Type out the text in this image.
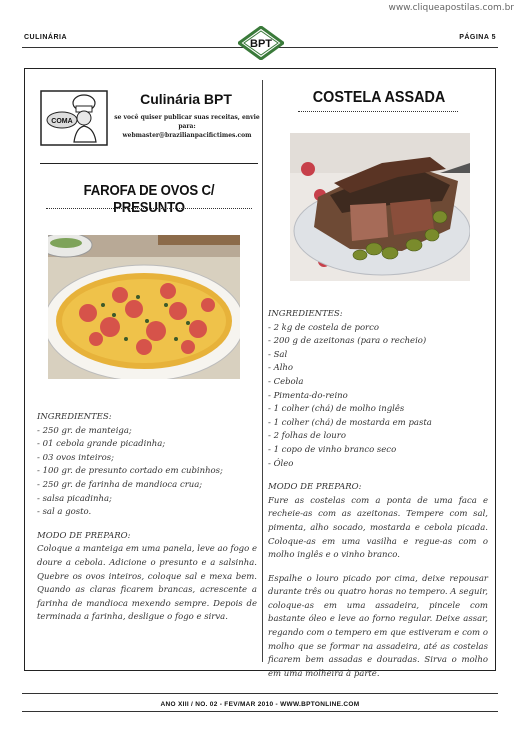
www.cliqueapostilas.com.br
CULINÁRIA	PÁGINA 5
BPT
COMA
Culinária BPT
se você quiser publicar suas receitas, envie para:
webmaster@brazilianpacifictimes.com
FAROFA DE OVOS C/ PRESUNTO
INGREDIENTES:
- 250 gr. de manteiga;
- 01 cebola grande picadinha;
- 03 ovos inteiros;
- 100 gr. de presunto cortado em cubinhos;
- 250 gr. de farinha de mandioca crua;
- salsa picadinha;
- sal a gosto.
MODO DE PREPARO:
Coloque a manteiga em uma panela, leve ao fogo e doure a cebola. Adicione o presunto e a salsinha. Quebre os ovos inteiros, coloque sal e mexa bem. Quando as claras ficarem brancas, acrescente a farinha de mandioca mexendo sempre. Depois de terminada a farinha, desligue o fogo e sirva.
COSTELA ASSADA
INGREDIENTES:
- 2 kg de costela de porco
- 200 g de azeitonas (para o recheio)
- Sal
- Alho
- Cebola
- Pimenta-do-reino
- 1 colher (chá) de molho inglês
- 1 colher (chá) de mostarda em pasta
- 2 folhas de louro
- 1 copo de vinho branco seco
- Óleo
MODO DE PREPARO:
Fure as costelas com a ponta de uma faca e recheie-as com as azeitonas. Tempere com sal, pimenta, alho socado, mostarda e cebola picada. Coloque-as em uma vasilha e regue-as com o molho inglês e o vinho branco.
Espalhe o louro picado por cima, deixe repousar durante três ou quatro horas no tempero. A seguir, coloque-as em uma assadeira, pincele com bastante óleo e leve ao forno regular. Deixe assar, regando com o tempero em que estiveram e com o molho que se formar na assadeira, até as costelas ficarem bem assadas e douradas. Sirva o molho em uma molheira à parte.
ANO XIII / NO. 02 - FEV/MAR 2010 - WWW.BPTONLINE.COM
